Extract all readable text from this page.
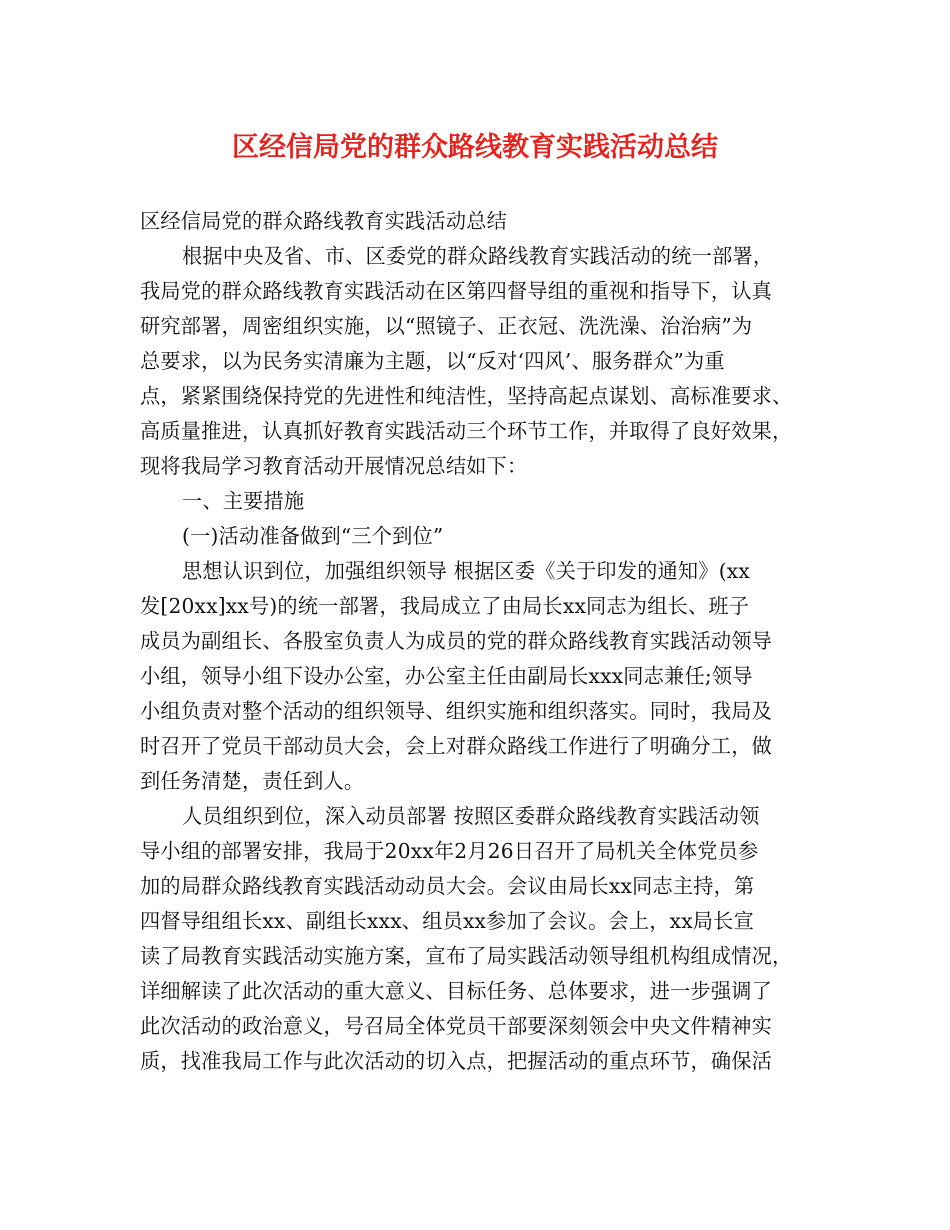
区经信局党的群众路线教育实践活动总结
区经信局党的群众路线教育实践活动总结
根据中央及省、市、区委党的群众路线教育实践活动的统一部署，
我局党的群众路线教育实践活动在区第四督导组的重视和指导下，认真
研究部署，周密组织实施，以“照镜子、正衣冠、洗洗澡、治治病”为
总要求，以为民务实清廉为主题，以“反对‘四风’、服务群众”为重
点，紧紧围绕保持党的先进性和纯洁性，坚持高起点谋划、高标准要求、
高质量推进，认真抓好教育实践活动三个环节工作，并取得了良好效果，
现将我局学习教育活动开展情况总结如下：
一、主要措施
(一)活动准备做到“三个到位”
思想认识到位，加强组织领导 根据区委《关于印发的通知》(xx
发[20xx]xx号)的统一部署，我局成立了由局长xx同志为组长、班子
成员为副组长、各股室负责人为成员的党的群众路线教育实践活动领导
小组，领导小组下设办公室，办公室主任由副局长xxx同志兼任;领导
小组负责对整个活动的组织领导、组织实施和组织落实。同时，我局及
时召开了党员干部动员大会，会上对群众路线工作进行了明确分工，做
到任务清楚，责任到人。
人员组织到位，深入动员部署 按照区委群众路线教育实践活动领
导小组的部署安排，我局于20xx年2月26日召开了局机关全体党员参
加的局群众路线教育实践活动动员大会。会议由局长xx同志主持，第
四督导组组长xx、副组长xxx、组员xx参加了会议。会上，xx局长宣
读了局教育实践活动实施方案，宣布了局实践活动领导组机构组成情况，
详细解读了此次活动的重大意义、目标任务、总体要求，进一步强调了
此次活动的政治意义，号召局全体党员干部要深刻领会中央文件精神实
质，找准我局工作与此次活动的切入点，把握活动的重点环节，确保活
